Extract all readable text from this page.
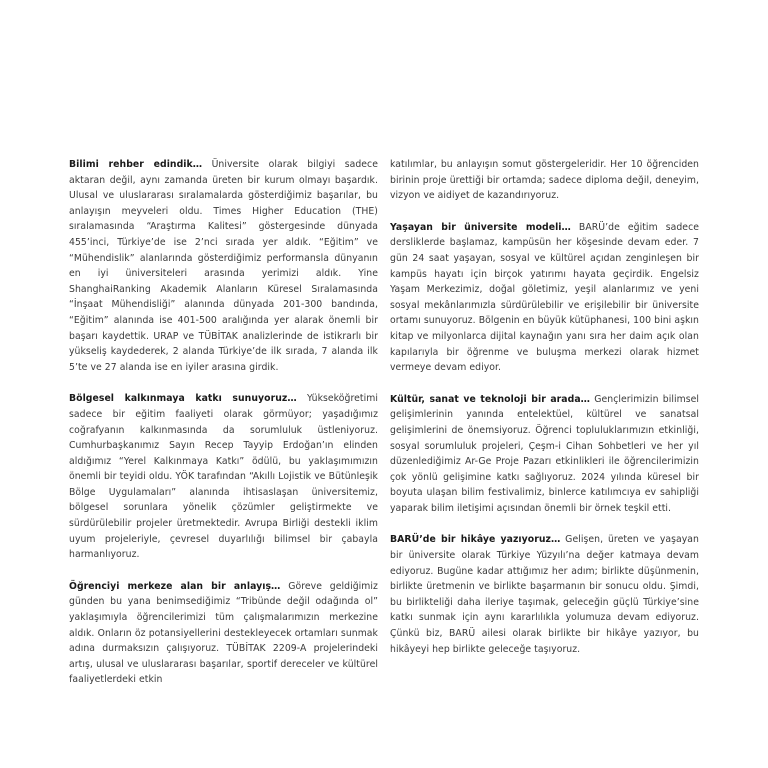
Bilimi rehber edindik… Üniversite olarak bilgiyi sadece aktaran değil, aynı zamanda üreten bir kurum olmayı başardık. Ulusal ve uluslararası sıralamalarda gösterdiğimiz başarılar, bu anlayışın meyveleri oldu. Times Higher Education (THE) sıralamasında “Araştırma Kalitesi” göstergesinde dünyada 455’inci, Türkiye’de ise 2’nci sırada yer aldık. “Eğitim” ve “Mühendislik” alanlarında gösterdiğimiz performansla dünyanın en iyi üniversiteleri arasında yerimizi aldık. Yine ShanghaiRanking Akademik Alanların Küresel Sıralamasında “İnşaat Mühendisliği” alanında dünyada 201-300 bandında, “Eğitim” alanında ise 401-500 aralığında yer alarak önemli bir başarı kaydettik. URAP ve TÜBİTAK analizlerinde de istikrarlı bir yükseliş kaydederek, 2 alanda Türkiye’de ilk sırada, 7 alanda ilk 5’te ve 27 alanda ise en iyiler arasına girdik.

Bölgesel kalkınmaya katkı sunuyoruz… Yükseköğretimi sadece bir eğitim faaliyeti olarak görmüyor; yaşadığımız coğrafyanın kalkınmasında da sorumluluk üstleniyoruz. Cumhurbaşkanımız Sayın Recep Tayyip Erdoğan’ın elinden aldığımız “Yerel Kalkınmaya Katkı” ödülü, bu yaklaşımımızın önemli bir teyidi oldu. YÖK tarafından “Akıllı Lojistik ve Bütünleşik Bölge Uygulamaları” alanında ihtisaslaşan üniversitemiz, bölgesel sorunlara yönelik çözümler geliştirmekte ve sürdürülebilir projeler üretmektedir. Avrupa Birliği destekli iklim uyum projeleriyle, çevresel duyarlılığı bilimsel bir çabayla harmanlıyoruz.

Öğrenciyi merkeze alan bir anlayış… Göreve geldiğimiz günden bu yana benimsediğimiz “Tribünde değil odağında ol” yaklaşımıyla öğrencilerimizi tüm çalışmalarımızın merkezine aldık. Onların öz potansiyellerini destekleyecek ortamları sunmak adına durmaksızın çalışıyoruz. TÜBİTAK 2209-A projelerindeki artış, ulusal ve uluslararası başarılar, sportif dereceler ve kültürel faaliyetlerdeki etkin

katılımlar, bu anlayışın somut göstergeleridir. Her 10 öğrenciden birinin proje ürettiği bir ortamda; sadece diploma değil, deneyim, vizyon ve aidiyet de kazandırıyoruz.

Yaşayan bir üniversite modeli… BARÜ’de eğitim sadece dersliklerde başlamaz, kampüsün her köşesinde devam eder. 7 gün 24 saat yaşayan, sosyal ve kültürel açıdan zenginleşen bir kampüs hayatı için birçok yatırımı hayata geçirdik. Engelsiz Yaşam Merkezimiz, doğal göletimiz, yeşil alanlarımız ve yeni sosyal mekânlarımızla sürdürülebilir ve erişilebilir bir üniversite ortamı sunuyoruz. Bölgenin en büyük kütüphanesi, 100 bini aşkın kitap ve milyonlarca dijital kaynağın yanı sıra her daim açık olan kapılarıyla bir öğrenme ve buluşma merkezi olarak hizmet vermeye devam ediyor.

Kültür, sanat ve teknoloji bir arada… Gençlerimizin bilimsel gelişimlerinin yanında entelektüel, kültürel ve sanatsal gelişimlerini de önemsiyoruz. Öğrenci topluluklarımızın etkinliği, sosyal sorumluluk projeleri, Çeşm-i Cihan Sohbetleri ve her yıl düzenlediğimiz Ar-Ge Proje Pazarı etkinlikleri ile öğrencilerimizin çok yönlü gelişimine katkı sağlıyoruz. 2024 yılında küresel bir boyuta ulaşan bilim festivalimiz, binlerce katılımcıya ev sahipliği yaparak bilim iletişimi açısından önemli bir örnek teşkil etti.

BARÜ’de bir hikâye yazıyoruz… Gelişen, üreten ve yaşayan bir üniversite olarak Türkiye Yüzyılı’na değer katmaya devam ediyoruz. Bugüne kadar attığımız her adım; birlikte düşünmenin, birlikte üretmenin ve birlikte başarmanın bir sonucu oldu. Şimdi, bu birlikteliği daha ileriye taşımak, geleceğin güçlü Türkiye’sine katkı sunmak için aynı kararlılıkla yolumuza devam ediyoruz. Çünkü biz, BARÜ ailesi olarak birlikte bir hikâye yazıyor, bu hikâyeyi hep birlikte geleceğe taşıyoruz.
